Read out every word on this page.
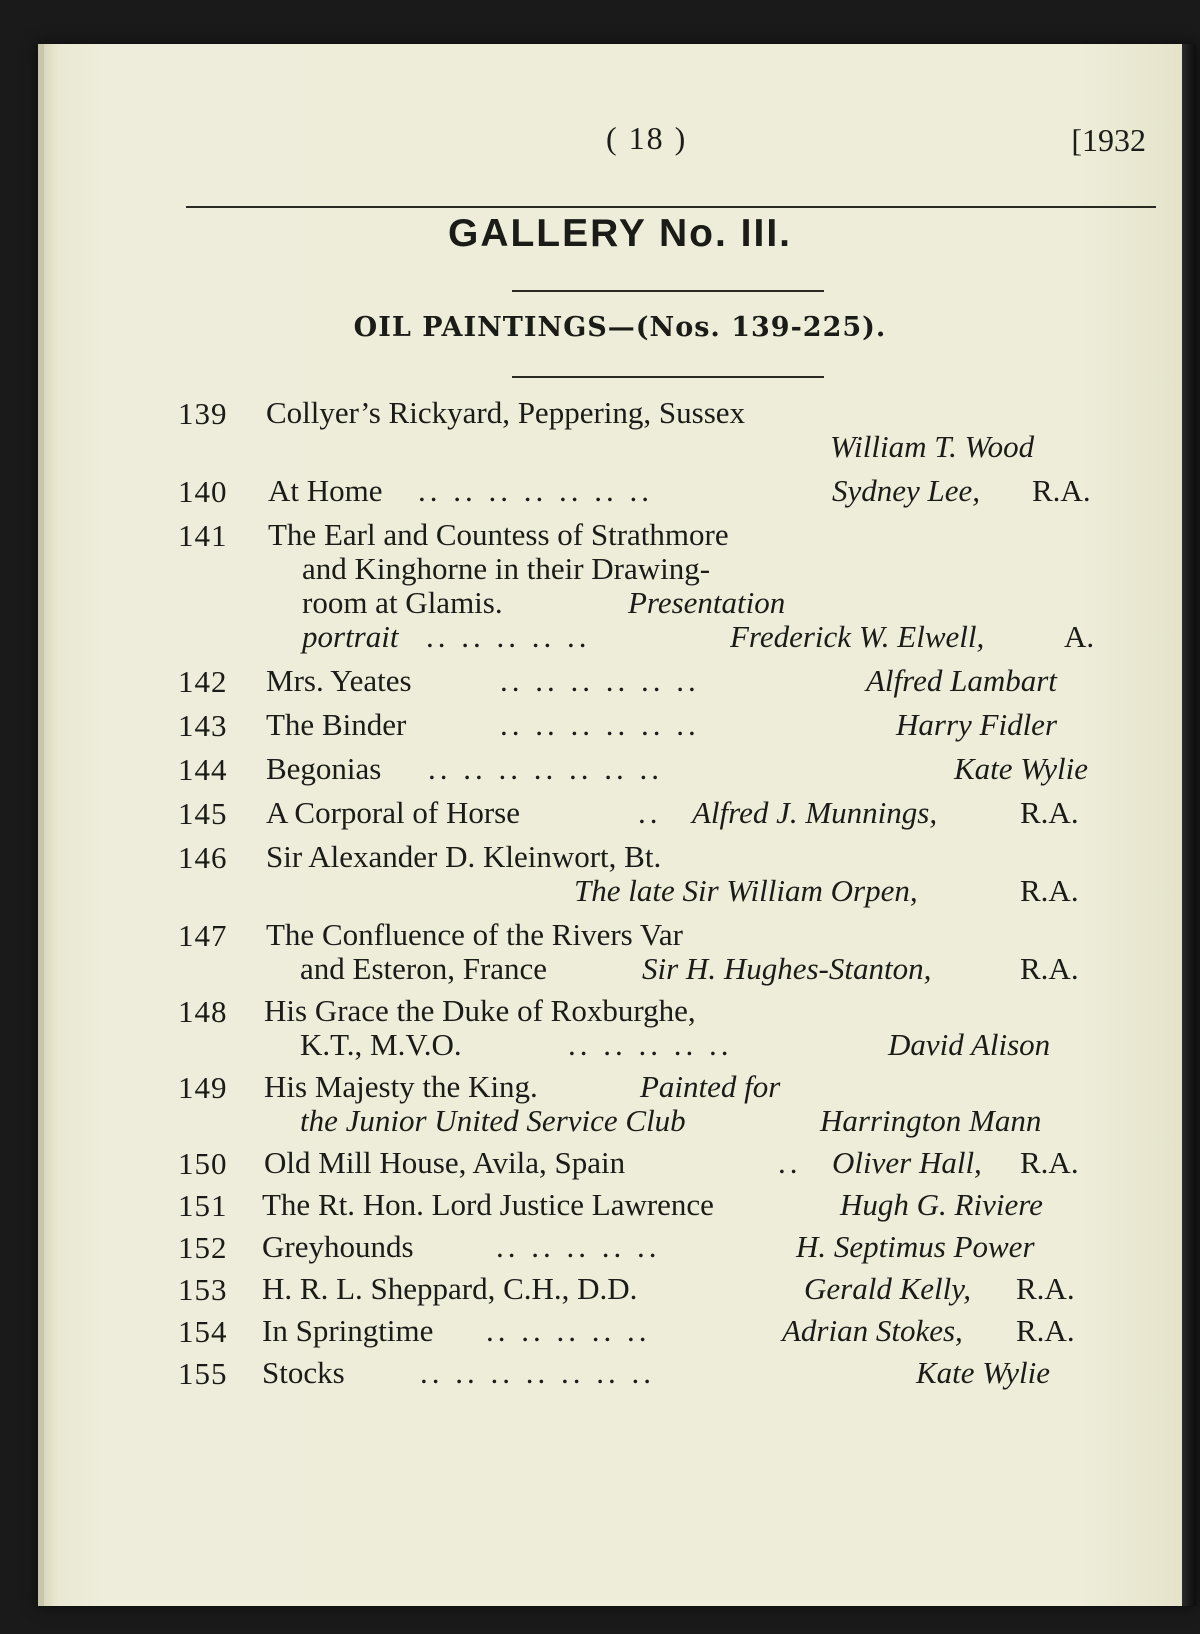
( 18 )	[1932
GALLERY No. III.
OIL PAINTINGS—(Nos. 139-225).
139 Collyer’s Rickyard, Peppering, Sussex
William T. Wood
140 At Home .. .. .. .. .. .. ..	Sydney Lee, R.A.
141 The Earl and Countess of Strathmore
and Kinghorne in their Drawing-
room at Glamis.	Presentation
portrait .. .. .. .. ..	Frederick W. Elwell,	A.
142 Mrs. Yeates	.. .. .. .. .. ..	Alfred Lambart
143 The Binder	.. .. .. .. .. ..	Harry Fidler
144 Begonias .. .. .. .. .. .. ..	Kate Wylie
145 A Corporal of Horse	.. Alfred J. Munnings,	R.A.
146 Sir Alexander D. Kleinwort, Bt.
The late Sir William Orpen,	R.A.
147 The Confluence of the Rivers Var
and Esteron, France	Sir H. Hughes-Stanton,	R.A.
148 His Grace the Duke of Roxburghe,
K.T., M.V.O.	.. .. .. .. ..	David Alison
149 His Majesty the King.	Painted for
the Junior United Service Club	Harrington Mann
150 Old Mill House, Avila, Spain	.. Oliver Hall, R.A.
151 The Rt. Hon. Lord Justice Lawrence	Hugh G. Riviere
152 Greyhounds	.. .. .. .. ..	H. Septimus Power
153 H. R. L. Sheppard, C.H., D.D.	Gerald Kelly, R.A.
154 In Springtime .. .. .. .. ..	Adrian Stokes, R.A.
155 Stocks .. .. .. .. .. .. ..	Kate Wylie
